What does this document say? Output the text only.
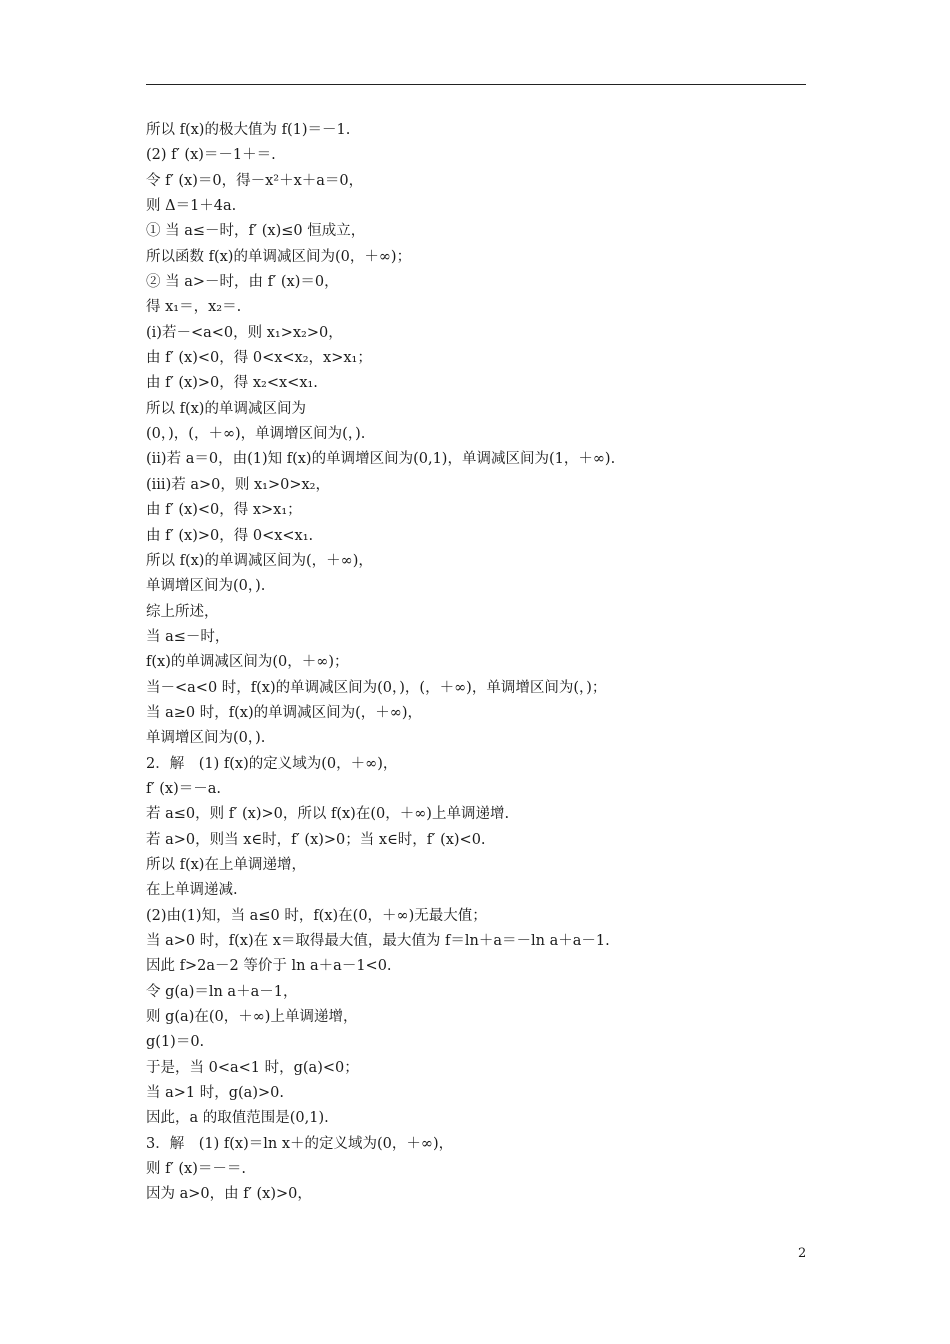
所以 f(x)的极大值为 f(1)＝－1.
(2) f′ (x)＝－1＋＝.
令 f′ (x)＝0，得－x²＋x＋a＝0，
则 Δ＝1＋4a.
① 当 a≤－时，f′ (x)≤0 恒成立，
所以函数 f(x)的单调减区间为(0，＋∞)；
② 当 a>－时，由 f′ (x)＝0，
得 x₁＝，x₂＝.
(i)若－<a<0，则 x₁>x₂>0，
由 f′ (x)<0，得 0<x<x₂，x>x₁；
由 f′ (x)>0，得 x₂<x<x₁.
所以 f(x)的单调减区间为
(0，)，(，＋∞)，单调增区间为(，).
(ii)若 a＝0，由(1)知 f(x)的单调增区间为(0,1)，单调减区间为(1，＋∞).
(iii)若 a>0，则 x₁>0>x₂，
由 f′ (x)<0，得 x>x₁；
由 f′ (x)>0，得 0<x<x₁.
所以 f(x)的单调减区间为(，＋∞)，
单调增区间为(0，).
综上所述，
当 a≤－时，
f(x)的单调减区间为(0，＋∞)；
当－<a<0 时，f(x)的单调减区间为(0，)，(，＋∞)，单调增区间为(，)；
当 a≥0 时，f(x)的单调减区间为(，＋∞)，
单调增区间为(0，).
2．解　(1) f(x)的定义域为(0，＋∞)，
f′ (x)＝－a.
若 a≤0，则 f′ (x)>0，所以 f(x)在(0，＋∞)上单调递增.
若 a>0，则当 x∈时，f′ (x)>0；当 x∈时，f′ (x)<0.
所以 f(x)在上单调递增，
在上单调递减.
(2)由(1)知，当 a≤0 时，f(x)在(0，＋∞)无最大值；
当 a>0 时，f(x)在 x＝取得最大值，最大值为 f＝ln＋a＝－ln a＋a－1.
因此 f>2a－2 等价于 ln a＋a－1<0.
令 g(a)＝ln a＋a－1，
则 g(a)在(0，＋∞)上单调递增，
g(1)＝0.
于是，当 0<a<1 时，g(a)<0；
当 a>1 时，g(a)>0.
因此，a 的取值范围是(0,1).
3．解　(1) f(x)＝ln x＋的定义域为(0，＋∞)，
则 f′ (x)＝－＝.
因为 a>0，由 f′ (x)>0，
2
